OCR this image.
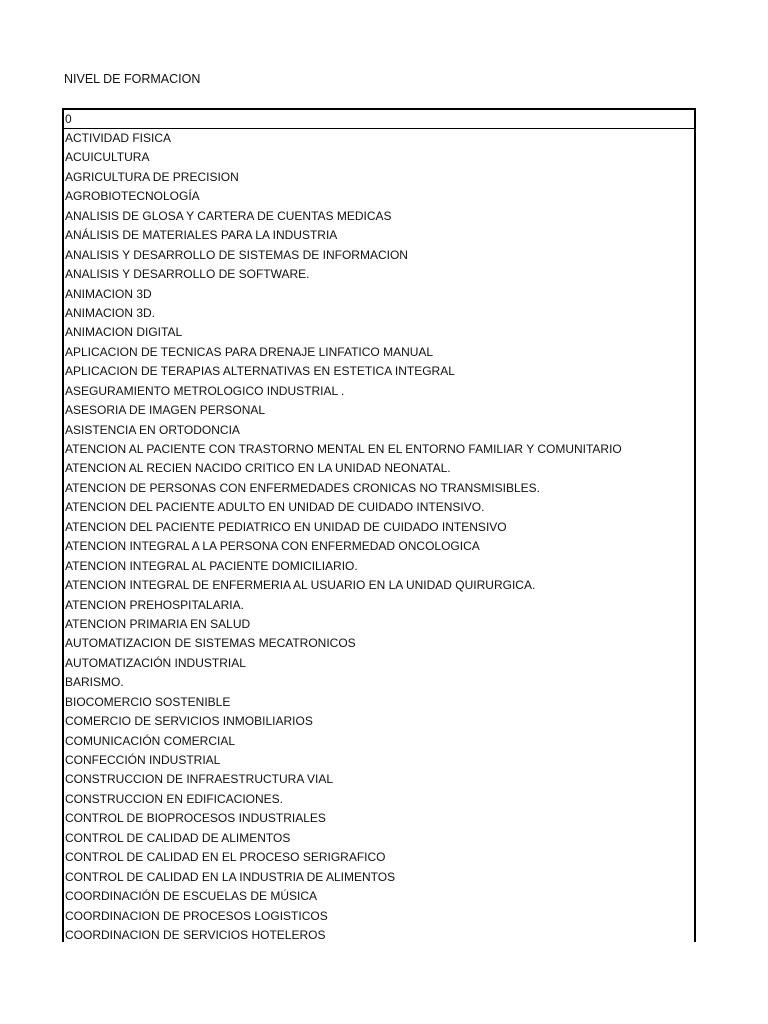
NIVEL DE FORMACION
0
ACTIVIDAD FISICA
ACUICULTURA
AGRICULTURA DE PRECISION
AGROBIOTECNOLOGÍA
ANALISIS DE GLOSA Y CARTERA DE CUENTAS MEDICAS
ANÁLISIS DE MATERIALES PARA LA INDUSTRIA
ANALISIS Y DESARROLLO DE SISTEMAS DE INFORMACION
ANALISIS Y DESARROLLO DE SOFTWARE.
ANIMACION 3D
ANIMACION 3D.
ANIMACION DIGITAL
APLICACION DE TECNICAS PARA DRENAJE LINFATICO MANUAL
APLICACION DE TERAPIAS ALTERNATIVAS EN ESTETICA INTEGRAL
ASEGURAMIENTO METROLOGICO INDUSTRIAL .
ASESORIA DE IMAGEN PERSONAL
ASISTENCIA EN ORTODONCIA
ATENCION AL PACIENTE CON TRASTORNO MENTAL EN EL ENTORNO FAMILIAR Y COMUNITARIO
ATENCION AL RECIEN NACIDO CRITICO EN LA UNIDAD NEONATAL.
ATENCION DE PERSONAS CON ENFERMEDADES CRONICAS NO TRANSMISIBLES.
ATENCION DEL PACIENTE ADULTO EN UNIDAD DE CUIDADO INTENSIVO.
ATENCION DEL PACIENTE PEDIATRICO EN UNIDAD DE CUIDADO INTENSIVO
ATENCION INTEGRAL A LA PERSONA CON ENFERMEDAD ONCOLOGICA
ATENCION INTEGRAL AL PACIENTE DOMICILIARIO.
ATENCION INTEGRAL DE ENFERMERIA AL USUARIO EN LA UNIDAD QUIRURGICA.
ATENCION PREHOSPITALARIA.
ATENCION PRIMARIA EN SALUD
AUTOMATIZACION DE SISTEMAS MECATRONICOS
AUTOMATIZACIÓN INDUSTRIAL
BARISMO.
BIOCOMERCIO SOSTENIBLE
COMERCIO DE SERVICIOS INMOBILIARIOS
COMUNICACIÓN COMERCIAL
CONFECCIÓN INDUSTRIAL
CONSTRUCCION DE INFRAESTRUCTURA VIAL
CONSTRUCCION EN EDIFICACIONES.
CONTROL DE BIOPROCESOS INDUSTRIALES
CONTROL DE CALIDAD DE ALIMENTOS
CONTROL DE CALIDAD EN EL PROCESO SERIGRAFICO
CONTROL DE CALIDAD EN LA INDUSTRIA DE ALIMENTOS
COORDINACIÓN DE ESCUELAS DE MÚSICA
COORDINACION DE PROCESOS LOGISTICOS
COORDINACION DE SERVICIOS HOTELEROS
